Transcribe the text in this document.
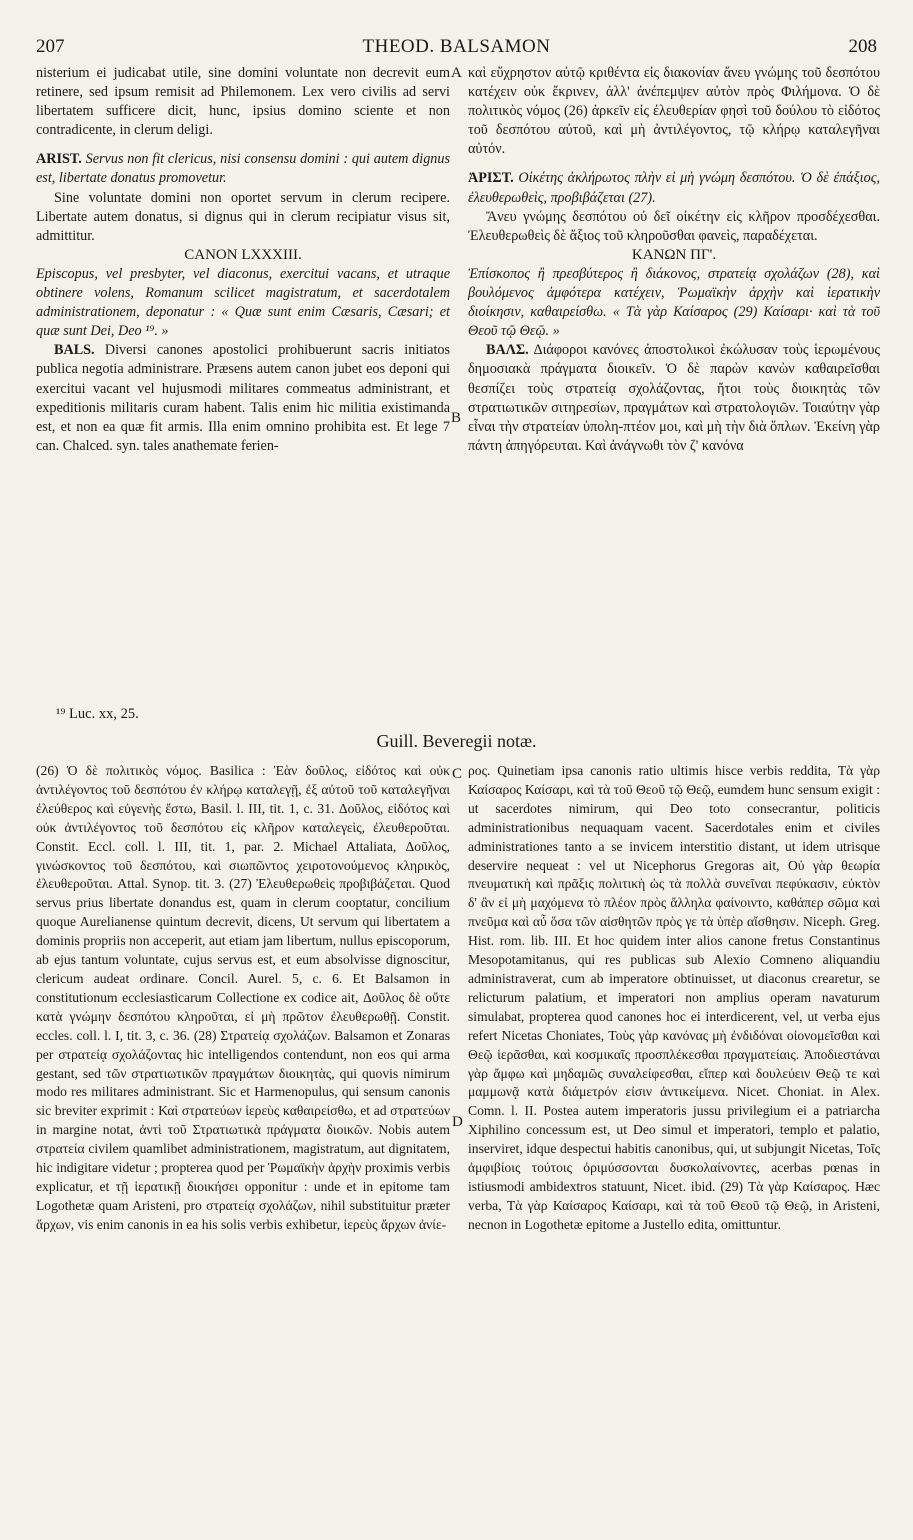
207	THEOD. BALSAMON	208
A
B
C
D

nisterium ei judicabat utile, sine domini voluntate non decrevit eum retinere, sed ipsum remisit ad Philemonem. Lex vero civilis ad servi libertatem sufficere dicit, hunc, ipsius domino sciente et non contradicente, in clerum deligi.

ARIST. Servus non fit clericus, nisi consensu domini : qui autem dignus est, libertate donatus promovetur.

Sine voluntate domini non oportet servum in clerum recipere. Libertate autem donatus, si dignus qui in clerum recipiatur visus sit, admittitur.

CANON LXXXIII.

Episcopus, vel presbyter, vel diaconus, exercitui vacans, et utraque obtinere volens, Romanum scilicet magistratum, et sacerdotalem administrationem, deponatur : « Quæ sunt enim Cæsaris, Cæsari; et quæ sunt Dei, Deo ¹⁹. »

BALS. Diversi canones apostolici prohibuerunt sacris initiatos publica negotia administrare. Præsens autem canon jubet eos deponi qui exercitui vacant vel hujusmodi militares commeatus administrant, et expeditionis militaris curam habent. Talis enim hic militia existimanda est, et non ea quæ fit armis. Illa enim omnino prohibita est. Et lege 7 can. Chalced. syn. tales anathemate ferien-

καὶ εὔχρηστον αὐτῷ κριθέντα εἰς διακονίαν ἄνευ γνώμης τοῦ δεσπότου κατέχειν οὐκ ἔκρινεν, ἀλλ' ἀνέπεμψεν αὐτὸν πρὸς Φιλήμονα. Ὁ δὲ πολιτικὸς νόμος (26) ἀρκεῖν εἰς ἐλευθερίαν φησὶ τοῦ δούλου τὸ εἰδότος τοῦ δεσπότου αὐτοῦ, καὶ μὴ ἀντιλέγοντος, τῷ κλήρῳ καταλεγῆναι αὐτόν.

ἈΡΙΣΤ. Οἰκέτης ἀκλήρωτος πλὴν εἰ μὴ γνώμη δεσπότου. Ὁ δὲ ἐπάξιος, ἐλευθερωθεὶς, προβιβάζεται (27).

Ἄνευ γνώμης δεσπότου οὐ δεῖ οἰκέτην εἰς κλῆρον προσδέχεσθαι. Ἐλευθερωθεὶς δὲ ἄξιος τοῦ κληροῦσθαι φανεὶς, παραδέχεται.

ΚΑΝΩΝ ΠΓ'.

Ἐπίσκοπος ἢ πρεσβύτερος ἢ διάκονος, στρατείᾳ σχολάζων (28), καὶ βουλόμενος ἀμφότερα κατέχειν, Ῥωμαϊκὴν ἀρχὴν καὶ ἱερατικὴν διοίκησιν, καθαιρείσθω. « Τὰ γὰρ Καίσαρος (29) Καίσαρι· καὶ τὰ τοῦ Θεοῦ τῷ Θεῷ. »

ΒΑΛΣ. Διάφοροι κανόνες ἀποστολικοὶ ἐκώλυσαν τοὺς ἱερωμένους δημοσιακὰ πράγματα διοικεῖν. Ὁ δὲ παρὼν κανὼν καθαιρεῖσθαι θεσπίζει τοὺς στρατείᾳ σχολάζοντας, ἤτοι τοὺς διοικητὰς τῶν στρατιωτικῶν σιτηρεσίων, πραγμάτων καὶ στρατολογιῶν. Τοιαύτην γὰρ εἶναι τὴν στρατείαν ὑπολη-πτέον μοι, καὶ μὴ τὴν διὰ ὅπλων. Ἐκείνη γὰρ πάντη ἀπηγόρευται. Καὶ ἀνάγνωθι τὸν ζ' κανόνα

¹⁹ Luc. xx, 25.
Guill. Beveregii notæ.
(26) Ὁ δὲ πολιτικὸς νόμος. Basilica : Ἐὰν δοῦλος, εἰδότος καὶ οὐκ ἀντιλέγοντος τοῦ δεσπότου ἐν κλήρῳ καταλεγῇ, ἐξ αὐτοῦ τοῦ καταλεγῆναι ἐλεύθερος καὶ εὐγενὴς ἔστω, Basil. l. III, tit. 1, c. 31. Δοῦλος, εἰδότος καὶ οὐκ ἀντιλέγοντος τοῦ δεσπότου εἰς κλῆρον καταλεγεὶς, ἐλευθεροῦται. Constit. Eccl. coll. l. III, tit. 1, par. 2. Michael Attaliata, Δοῦλος, γινώσκοντος τοῦ δεσπότου, καὶ σιωπῶντος χειροτονούμενος κληρικὸς, ἐλευθεροῦται. Attal. Synop. tit. 3. (27) Ἐλευθερωθεὶς προβιβάζεται. Quod servus prius libertate donandus est, quam in clerum cooptatur, concilium quoque Aurelianense quintum decrevit, dicens, Ut servum qui libertatem a dominis propriis non acceperit, aut etiam jam libertum, nullus episcoporum, ab ejus tantum voluntate, cujus servus est, et eum absolvisse dignoscitur, clericum audeat ordinare. Concil. Aurel. 5, c. 6. Et Balsamon in constitutionum ecclesiasticarum Collectione ex codice ait, Δοῦλος δὲ οὔτε κατὰ γνώμην δεσπότου κληροῦται, εἰ μὴ πρῶτον ἐλευθερωθῇ. Constit. eccles. coll. l. I, tit. 3, c. 36. (28) Στρατείᾳ σχολάζων. Balsamon et Zonaras per στρατείᾳ σχολάζοντας hic intelligendos contendunt, non eos qui arma gestant, sed τῶν στρατιωτικῶν πραγμάτων διοικητὰς, qui quovis nimirum modo res militares administrant. Sic et Harmenopulus, qui sensum canonis sic breviter exprimit : Καὶ στρατεύων ἱερεὺς καθαιρείσθω, et ad στρατεύων in margine notat, ἀντὶ τοῦ Στρατιωτικὰ πράγματα διοικῶν. Nobis autem στρατεία civilem quamlibet administrationem, magistratum, aut dignitatem, hic indigitare videtur ; propterea quod per Ῥωμαϊκὴν ἀρχὴν proximis verbis explicatur, et τῇ ἱερατικῇ διοικήσει opponitur : unde et in epitome tam Logothetæ quam Aristeni, pro στρατείᾳ σχολάζων, nihil substituitur præter ἄρχων, vis enim canonis in ea his solis verbis exhibetur, ἱερεὺς ἄρχων ἀνίε-
ρος. Quinetiam ipsa canonis ratio ultimis hisce verbis reddita, Τὰ γὰρ Καίσαρος Καίσαρι, καὶ τὰ τοῦ Θεοῦ τῷ Θεῷ, eumdem hunc sensum exigit : ut sacerdotes nimirum, qui Deo toto consecrantur, politicis administrationibus nequaquam vacent. Sacerdotales enim et civiles administrationes tanto a se invicem interstitio distant, ut idem utrisque deservire nequeat : vel ut Nicephorus Gregoras ait, Οὐ γὰρ θεωρία πνευματικὴ καὶ πρᾶξις πολιτικὴ ὡς τὰ πολλὰ συνεῖναι πεφύκασιν, εὐκτὸν δ' ἂν εἰ μὴ μαχόμενα τὸ πλέον πρὸς ἄλληλα φαίνοιντο, καθάπερ σῶμα καὶ πνεῦμα καὶ αὖ ὅσα τῶν αἰσθητῶν πρὸς γε τὰ ὑπὲρ αἴσθησιν. Niceph. Greg. Hist. rom. lib. III. Et hoc quidem inter alios canone fretus Constantinus Mesopotamitanus, qui res publicas sub Alexio Comneno aliquandiu administraverat, cum ab imperatore obtinuisset, ut diaconus crearetur, se relicturum palatium, et imperatori non amplius operam navaturum simulabat, propterea quod canones hoc ei interdicerent, vel, ut verba ejus refert Nicetas Choniates, Τοὺς γὰρ κανόνας μὴ ἐνδιδόναι οἰονομεῖσθαι καὶ Θεῷ ἱερᾶσθαι, καὶ κοσμικαῖς προσπλέκεσθαι πραγματείαις. Ἀποδιεστάναι γὰρ ἄμφω καὶ μηδαμῶς συναλείφεσθαι, εἴπερ καὶ δουλεύειν Θεῷ τε καὶ μαμμωνᾷ κατὰ διάμετρόν εἰσιν ἀντικείμενα. Nicet. Choniat. in Alex. Comn. l. II. Postea autem imperatoris jussu privilegium ei a patriarcha Xiphilino concessum est, ut Deo simul et imperatori, templo et palatio, inserviret, idque despectui habitis canonibus, qui, ut subjungit Nicetas, Τοῖς ἀμφιβίοις τούτοις ὀριμύσσονται δυσκολαίνοντες, acerbas pœnas in istiusmodi ambidextros statuunt, Nicet. ibid. (29) Τὰ γὰρ Καίσαρος. Hæc verba, Τὰ γὰρ Καίσαρος Καίσαρι, καὶ τὰ τοῦ Θεοῦ τῷ Θεῷ, in Aristeni, necnon in Logothetæ epitome a Justello edita, omittuntur.
